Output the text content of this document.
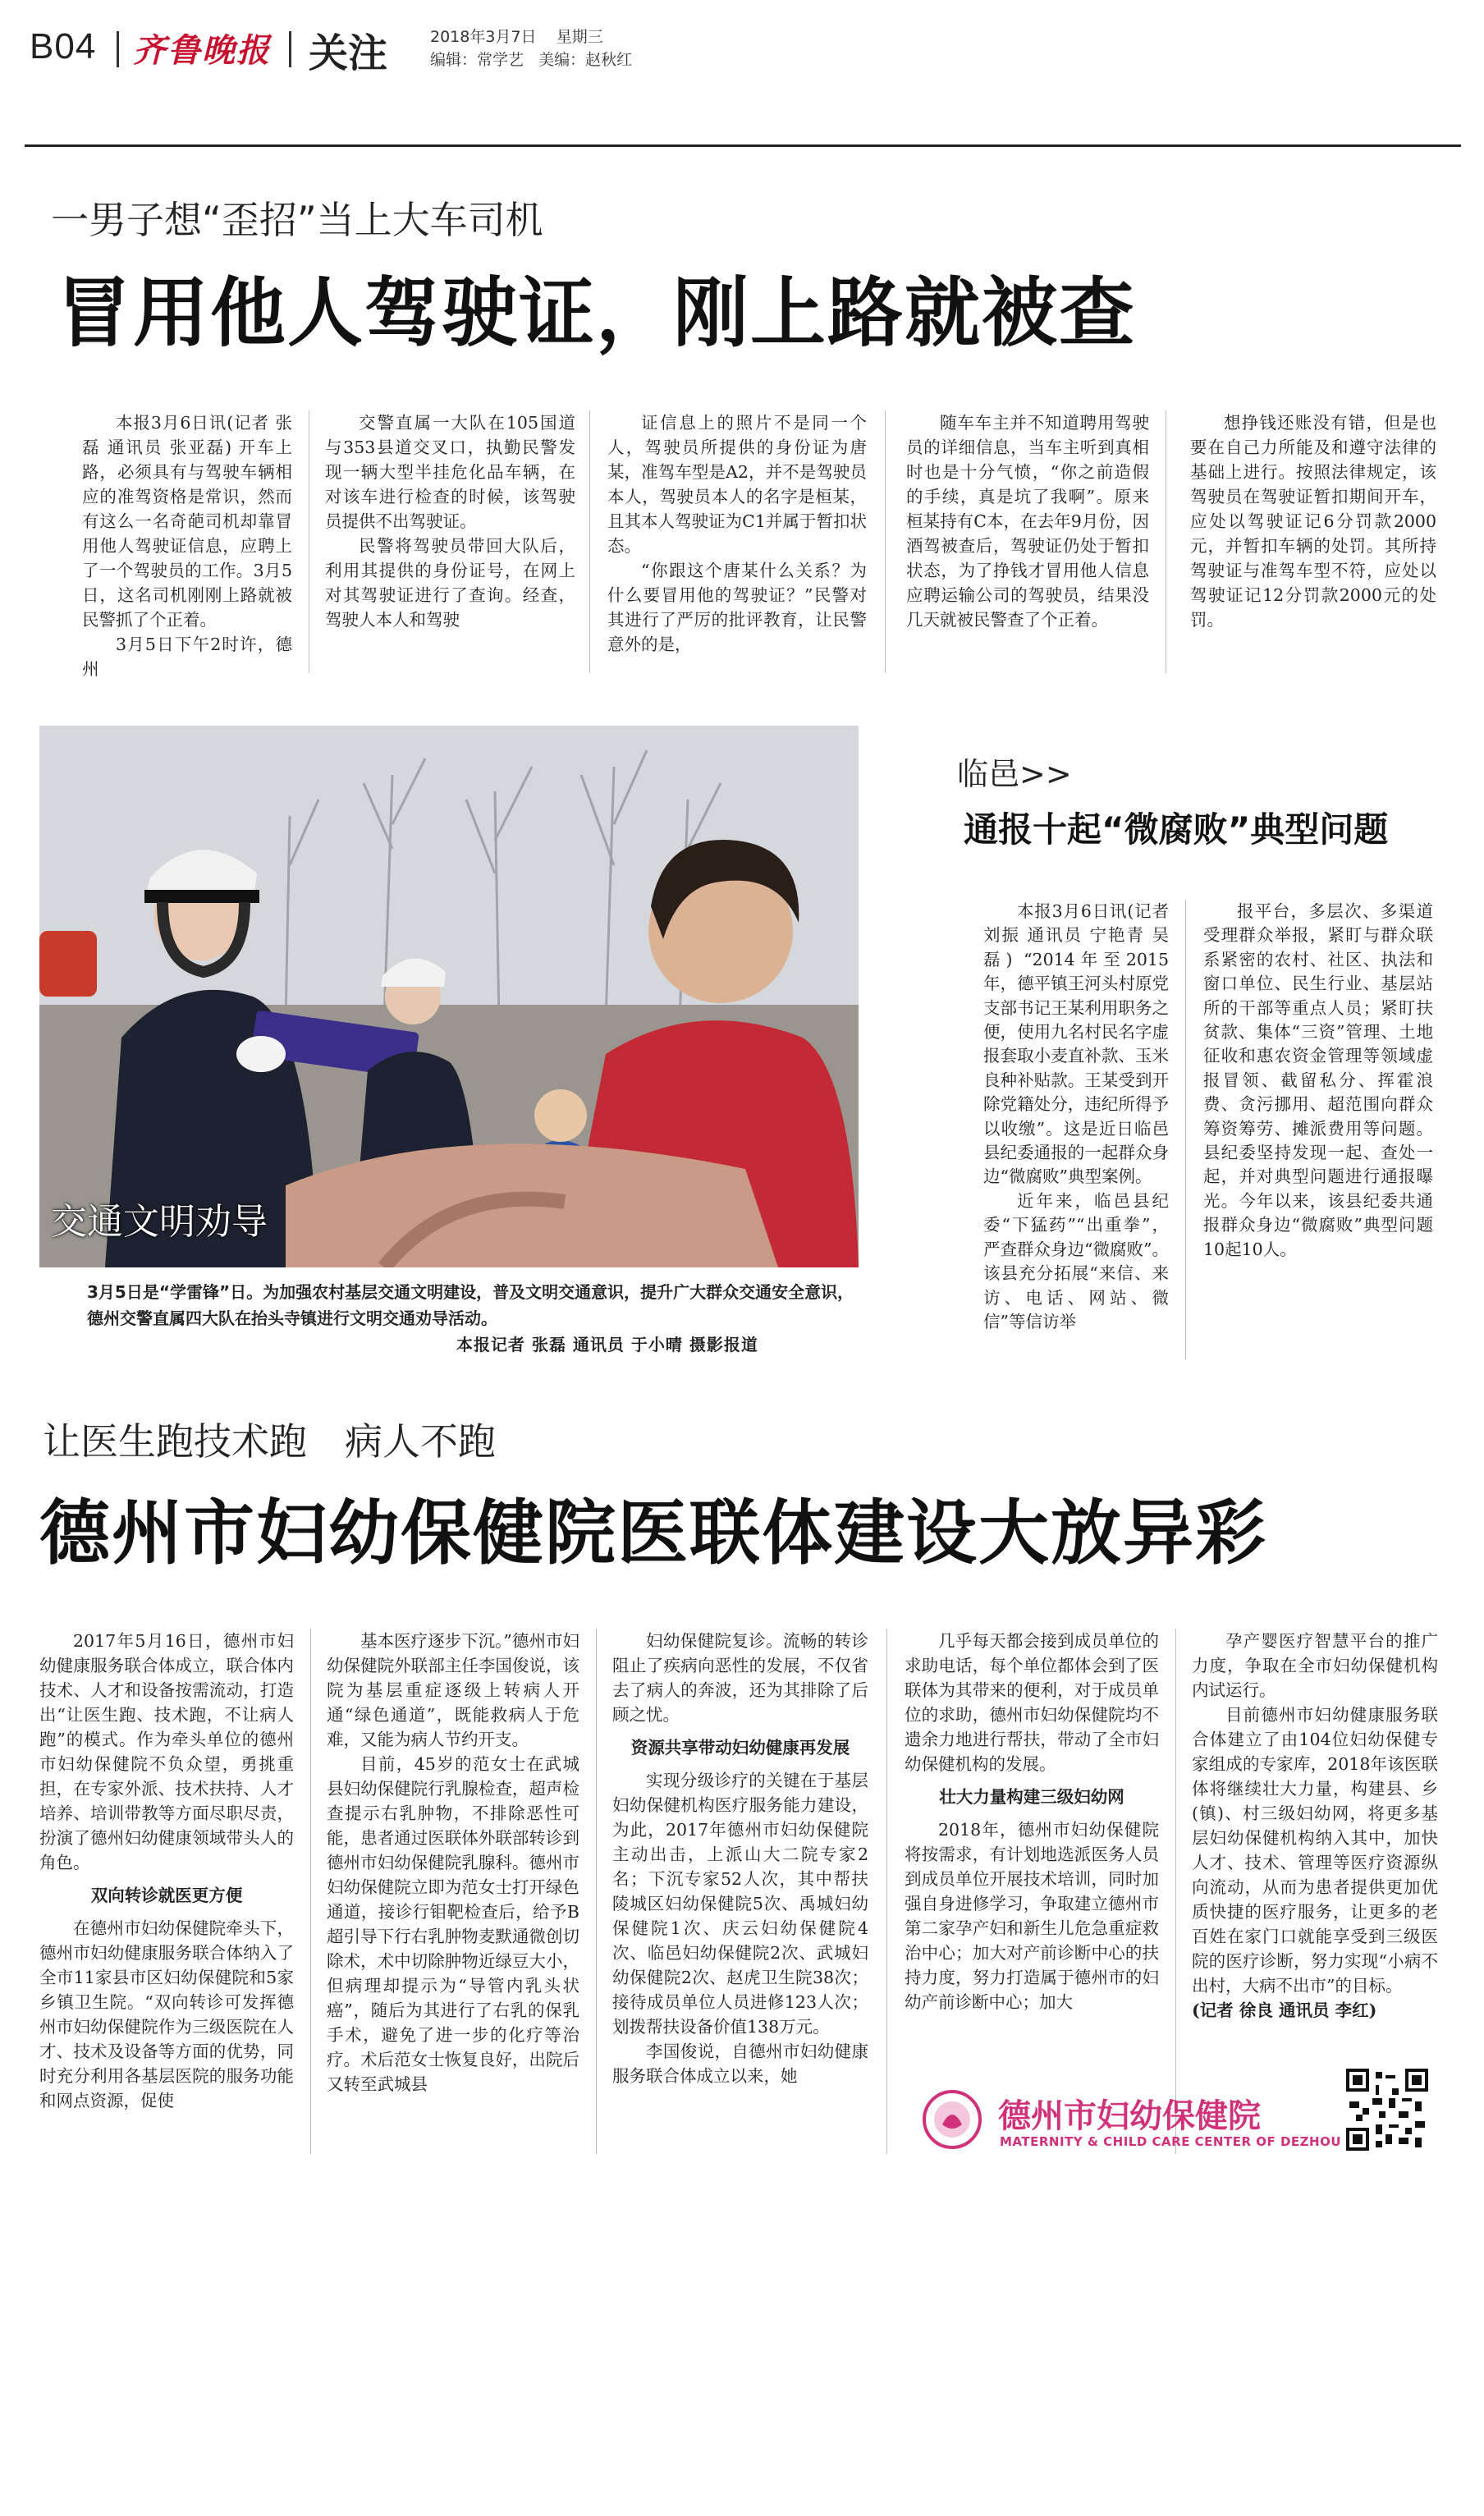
B04 齐鲁晚报 关注	2018年3月7日 星期三
编辑：常学艺 美编：赵秋红
一男子想“歪招”当上大车司机
冒用他人驾驶证，刚上路就被查

本报3月6日讯(记者 张磊 通讯员 张亚磊) 开车上路，必须具有与驾驶车辆相应的准驾资格是常识，然而有这么一名奇葩司机却靠冒用他人驾驶证信息，应聘上了一个驾驶员的工作。3月5日，这名司机刚刚上路就被民警抓了个正着。

3月5日下午2时许，德州

交警直属一大队在105国道与353县道交叉口，执勤民警发现一辆大型半挂危化品车辆，在对该车进行检查的时候，该驾驶员提供不出驾驶证。

民警将驾驶员带回大队后，利用其提供的身份证号，在网上对其驾驶证进行了查询。经查，驾驶人本人和驾驶

证信息上的照片不是同一个人，驾驶员所提供的身份证为唐某，准驾车型是A2，并不是驾驶员本人，驾驶员本人的名字是桓某，且其本人驾驶证为C1并属于暂扣状态。

“你跟这个唐某什么关系？为什么要冒用他的驾驶证？”民警对其进行了严厉的批评教育，让民警意外的是，

随车车主并不知道聘用驾驶员的详细信息，当车主听到真相时也是十分气愤，“你之前造假的手续，真是坑了我啊”。原来桓某持有C本，在去年9月份，因酒驾被查后，驾驶证仍处于暂扣状态，为了挣钱才冒用他人信息应聘运输公司的驾驶员，结果没几天就被民警查了个正着。

想挣钱还账没有错，但是也要在自己力所能及和遵守法律的基础上进行。按照法律规定，该驾驶员在驾驶证暂扣期间开车，应处以驾驶证记6分罚款2000元，并暂扣车辆的处罚。其所持驾驶证与准驾车型不符，应处以驾驶证记12分罚款2000元的处罚。

交通文明劝导
3月5日是“学雷锋”日。为加强农村基层交通文明建设，普及文明交通意识，提升广大群众交通安全意识，德州交警直属四大队在抬头寺镇进行文明交通劝导活动。
本报记者 张磊 通讯员 于小晴 摄影报道
临邑>>
通报十起“微腐败”典型问题

本报3月6日讯(记者 刘振 通讯员 宁艳青 吴磊) “2014年至2015年，德平镇王河头村原党支部书记王某利用职务之便，使用九名村民名字虚报套取小麦直补款、玉米良种补贴款。王某受到开除党籍处分，违纪所得予以收缴”。这是近日临邑县纪委通报的一起群众身边“微腐败”典型案例。

近年来，临邑县纪委“下猛药”“出重拳”，严查群众身边“微腐败”。该县充分拓展“来信、来访、电话、网站、微信”等信访举

报平台，多层次、多渠道受理群众举报，紧盯与群众联系紧密的农村、社区、执法和窗口单位、民生行业、基层站所的干部等重点人员；紧盯扶贫款、集体“三资”管理、土地征收和惠农资金管理等领域虚报冒领、截留私分、挥霍浪费、贪污挪用、超范围向群众筹资筹劳、摊派费用等问题。县纪委坚持发现一起、查处一起，并对典型问题进行通报曝光。今年以来，该县纪委共通报群众身边“微腐败”典型问题10起10人。

让医生跑技术跑　病人不跑
德州市妇幼保健院医联体建设大放异彩

2017年5月16日，德州市妇幼健康服务联合体成立，联合体内技术、人才和设备按需流动，打造出“让医生跑、技术跑，不让病人跑”的模式。作为牵头单位的德州市妇幼保健院不负众望，勇挑重担，在专家外派、技术扶持、人才培养、培训带教等方面尽职尽责，扮演了德州妇幼健康领域带头人的角色。

双向转诊就医更方便

在德州市妇幼保健院牵头下，德州市妇幼健康服务联合体纳入了全市11家县市区妇幼保健院和5家乡镇卫生院。“双向转诊可发挥德州市妇幼保健院作为三级医院在人才、技术及设备等方面的优势，同时充分利用各基层医院的服务功能和网点资源，促使

基本医疗逐步下沉。”德州市妇幼保健院外联部主任李国俊说，该院为基层重症逐级上转病人开通“绿色通道”，既能救病人于危难，又能为病人节约开支。

目前，45岁的范女士在武城县妇幼保健院行乳腺检查，超声检查提示右乳肿物，不排除恶性可能，患者通过医联体外联部转诊到德州市妇幼保健院乳腺科。德州市妇幼保健院立即为范女士打开绿色通道，接诊行钼靶检查后，给予B超引导下行右乳肿物麦默通微创切除术，术中切除肿物近绿豆大小，但病理却提示为“导管内乳头状癌”，随后为其进行了右乳的保乳手术，避免了进一步的化疗等治疗。术后范女士恢复良好，出院后又转至武城县

妇幼保健院复诊。流畅的转诊阻止了疾病向恶性的发展，不仅省去了病人的奔波，还为其排除了后顾之忧。

资源共享带动妇幼健康再发展

实现分级诊疗的关键在于基层妇幼保健机构医疗服务能力建设，为此，2017年德州市妇幼保健院主动出击，上派山大二院专家2名；下沉专家52人次，其中帮扶陵城区妇幼保健院5次、禹城妇幼保健院1次、庆云妇幼保健院4次、临邑妇幼保健院2次、武城妇幼保健院2次、赵虎卫生院38次；接待成员单位人员进修123人次；划拨帮扶设备价值138万元。

李国俊说，自德州市妇幼健康服务联合体成立以来，她

几乎每天都会接到成员单位的求助电话，每个单位都体会到了医联体为其带来的便利，对于成员单位的求助，德州市妇幼保健院均不遗余力地进行帮扶，带动了全市妇幼保健机构的发展。

壮大力量构建三级妇幼网

2018年，德州市妇幼保健院将按需求，有计划地选派医务人员到成员单位开展技术培训，同时加强自身进修学习，争取建立德州市第二家孕产妇和新生儿危急重症救治中心；加大对产前诊断中心的扶持力度，努力打造属于德州市的妇幼产前诊断中心；加大

孕产婴医疗智慧平台的推广力度，争取在全市妇幼保健机构内试运行。

目前德州市妇幼健康服务联合体建立了由104位妇幼保健专家组成的专家库，2018年该医联体将继续壮大力量，构建县、乡(镇)、村三级妇幼网，将更多基层妇幼保健机构纳入其中，加快人才、技术、管理等医疗资源纵向流动，从而为患者提供更加优质快捷的医疗服务，让更多的老百姓在家门口就能享受到三级医院的医疗诊断，努力实现“小病不出村，大病不出市”的目标。

(记者 徐良 通讯员 李红)

德州市妇幼保健院
MATERNITY & CHILD CARE CENTER OF DEZHOU
